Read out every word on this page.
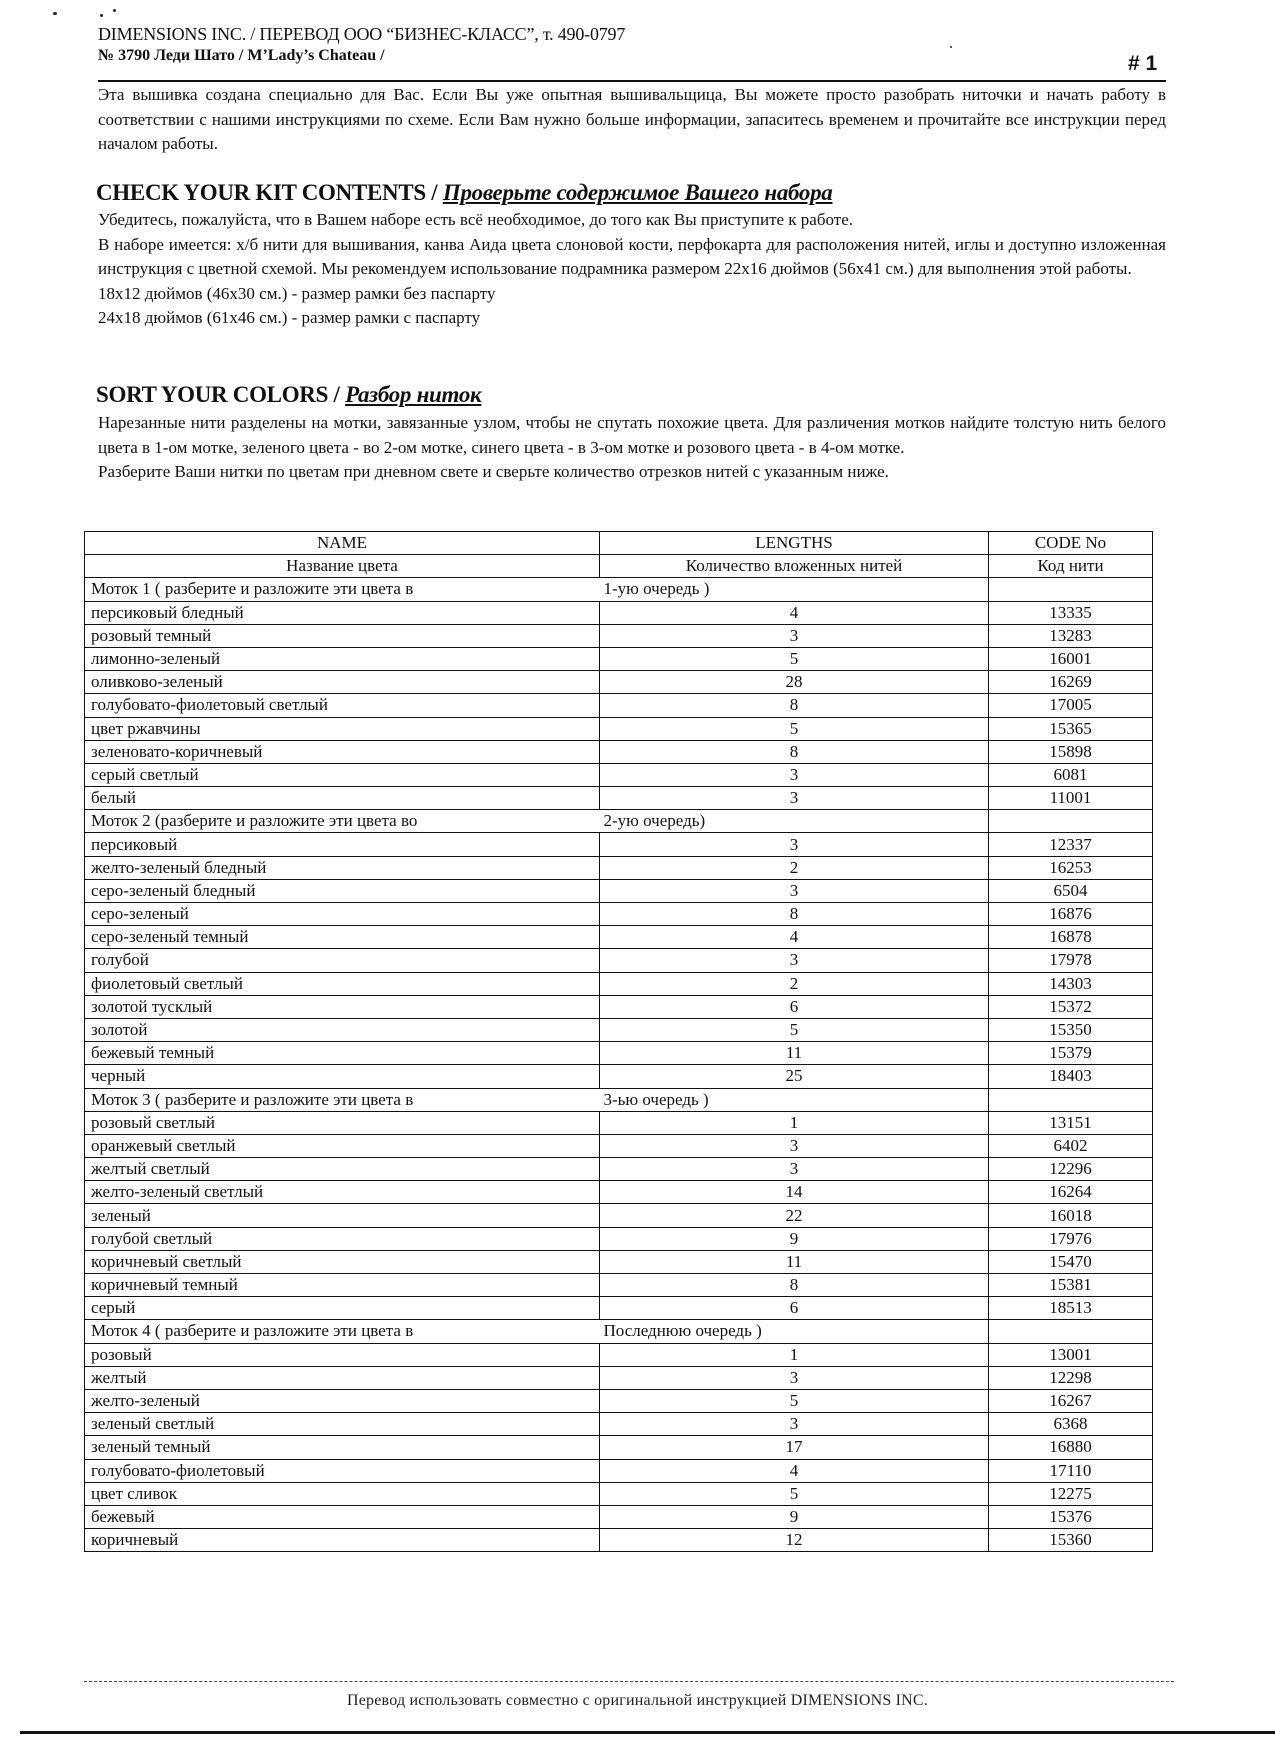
DIMENSIONS INC. / ПЕРЕВОД ООО “БИЗНЕС-КЛАСС”, т. 490-0797
№ 3790 Леди Шато / M’Lady’s Chateau /	# 1

Эта вышивка создана специально для Вас. Если Вы уже опытная вышивальщица, Вы можете просто разобрать ниточки и начать работу в соответствии с нашими инструкциями по схеме. Если Вам нужно больше информации, запаситесь временем и прочитайте все инструкции перед началом работы.

CHECK YOUR KIT CONTENTS / Проверьте содержимое Вашего набора

Убедитесь, пожалуйста, что в Вашем наборе есть всё необходимое, до того как Вы приступите к работе.

В наборе имеется: х/б нити для вышивания, канва Аида цвета слоновой кости, перфокарта для расположения нитей, иглы и доступно изложенная инструкция с цветной схемой. Мы рекомендуем использование подрамника размером 22x16 дюймов (56x41 см.) для выполнения этой работы.

18x12 дюймов (46x30 см.) - размер рамки без паспарту

24x18 дюймов (61x46 см.) - размер рамки с паспарту

SORT YOUR COLORS / Разбор ниток

Нарезанные нити разделены на мотки, завязанные узлом, чтобы не спутать похожие цвета. Для различения мотков найдите толстую нить белого цвета в 1-ом мотке, зеленого цвета - во 2-ом мотке, синего цвета - в 3-ом мотке и розового цвета - в 4-ом мотке.

Разберите Ваши нитки по цветам при дневном свете и сверьте количество отрезков нитей с указанным ниже.

NAME	LENGTHS	CODE No
Название цвета	Количество вложенных нитей	Код нити
Моток 1 ( разберите и разложите эти цвета в	1-ую очередь )	
персиковый бледный	4	13335
розовый темный	3	13283
лимонно-зеленый	5	16001
оливково-зеленый	28	16269
голубовато-фиолетовый светлый	8	17005
цвет ржавчины	5	15365
зеленовато-коричневый	8	15898
серый светлый	3	6081
белый	3	11001
Моток 2 (разберите и разложите эти цвета во	2-ую очередь)	
персиковый	3	12337
желто-зеленый бледный	2	16253
серо-зеленый бледный	3	6504
серо-зеленый	8	16876
серо-зеленый темный	4	16878
голубой	3	17978
фиолетовый светлый	2	14303
золотой тусклый	6	15372
золотой	5	15350
бежевый темный	11	15379
черный	25	18403
Моток 3 ( разберите и разложите эти цвета в	3-ью очередь )	
розовый светлый	1	13151
оранжевый светлый	3	6402
желтый светлый	3	12296
желто-зеленый светлый	14	16264
зеленый	22	16018
голубой светлый	9	17976
коричневый светлый	11	15470
коричневый темный	8	15381
серый	6	18513
Моток 4 ( разберите и разложите эти цвета в	Последнюю очередь )	
розовый	1	13001
желтый	3	12298
желто-зеленый	5	16267
зеленый светлый	3	6368
зеленый темный	17	16880
голубовато-фиолетовый	4	17110
цвет сливок	5	12275
бежевый	9	15376
коричневый	12	15360
Перевод использовать совместно с оригинальной инструкцией DIMENSIONS INC.
